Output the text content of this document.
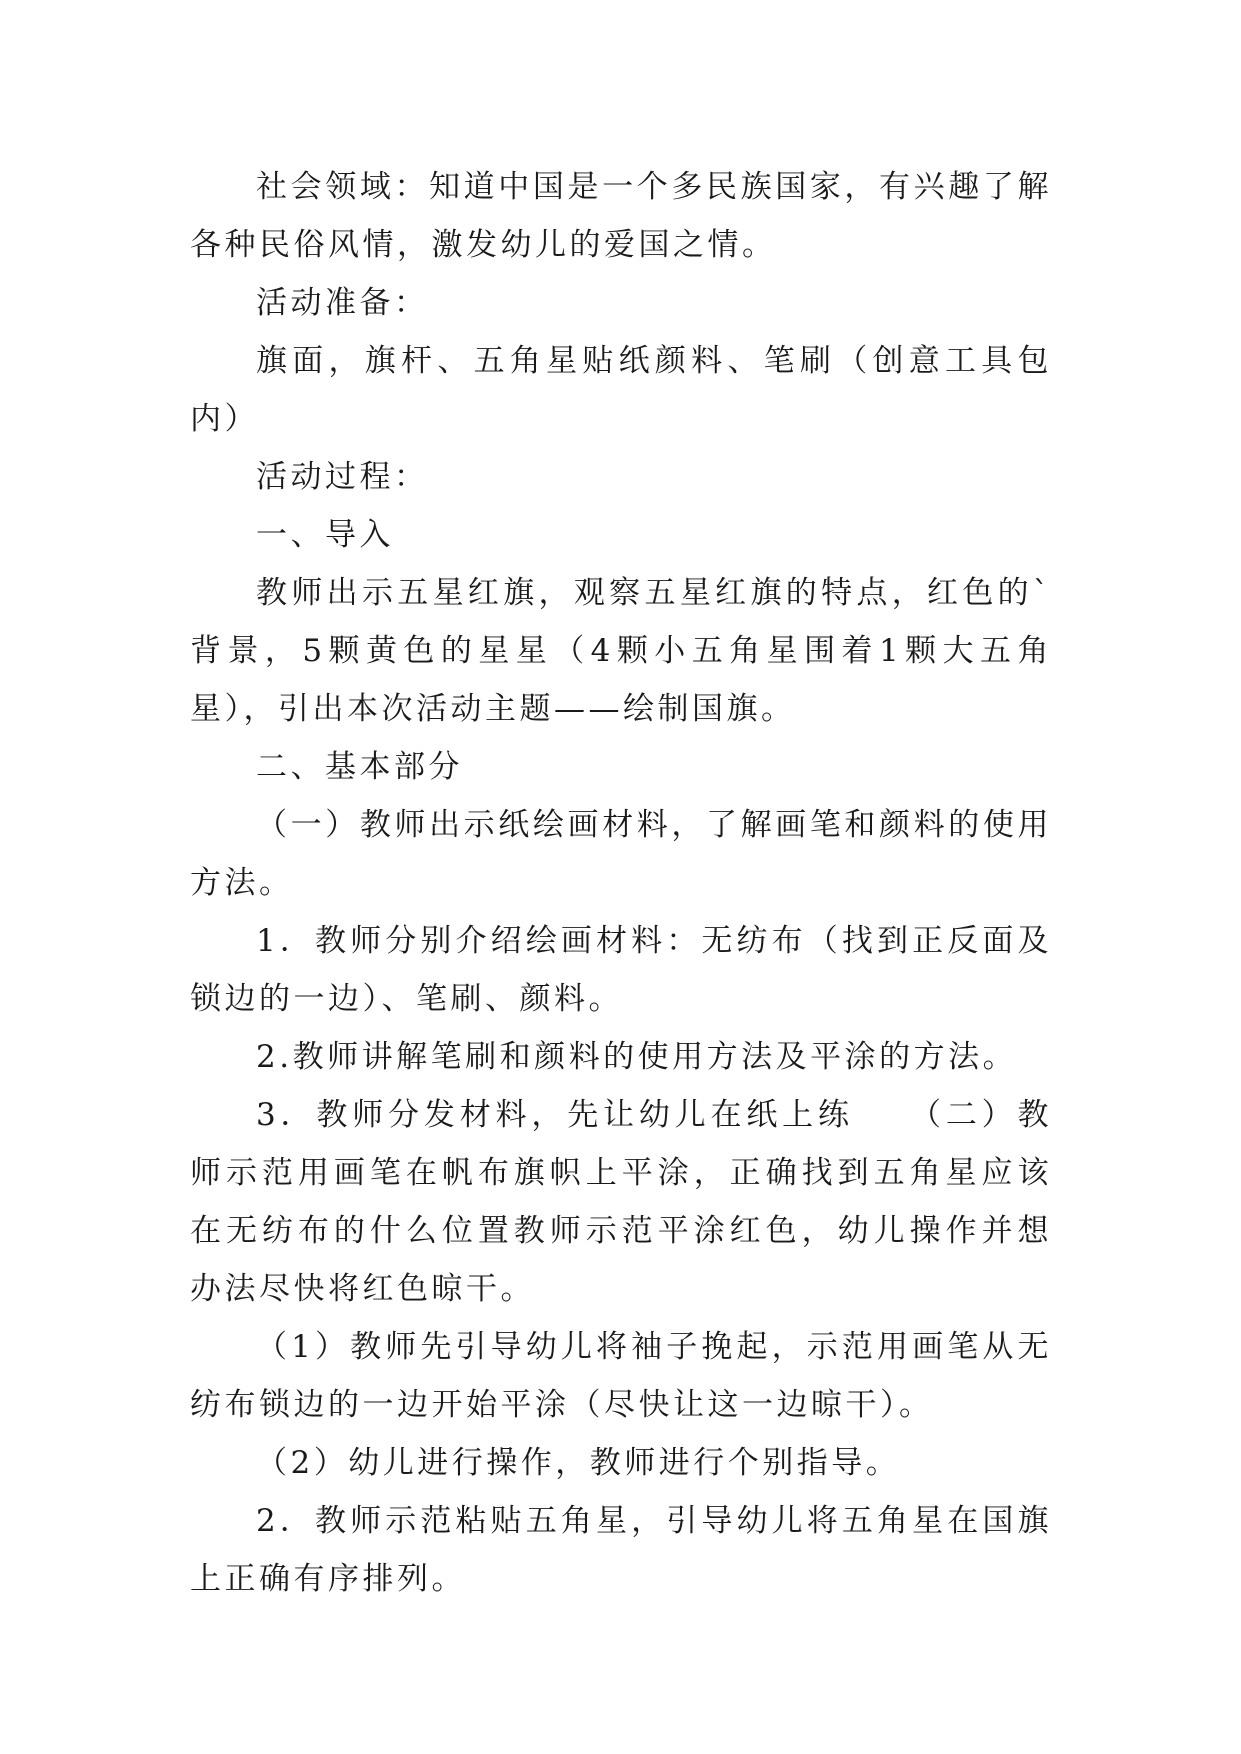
社会领域：知道中国是一个多民族国家，有兴趣了解各种民俗风情，激发幼儿的爱国之情。

活动准备：

旗面，旗杆、五角星贴纸颜料、笔刷（创意工具包内）

活动过程：

一、导入

教师出示五星红旗，观察五星红旗的特点，红色的`背景，5颗黄色的星星（4颗小五角星围着1颗大五角星），引出本次活动主题——绘制国旗。

二、基本部分

（一）教师出示纸绘画材料，了解画笔和颜料的使用方法。

1．教师分别介绍绘画材料：无纺布（找到正反面及锁边的一边）、笔刷、颜料。

2.教师讲解笔刷和颜料的使用方法及平涂的方法。

3．教师分发材料，先让幼儿在纸上练　　（二）教师示范用画笔在帆布旗帜上平涂，正确找到五角星应该在无纺布的什么位置教师示范平涂红色，幼儿操作并想办法尽快将红色晾干。

（1）教师先引导幼儿将袖子挽起，示范用画笔从无纺布锁边的一边开始平涂（尽快让这一边晾干）。

（2）幼儿进行操作，教师进行个别指导。

2．教师示范粘贴五角星，引导幼儿将五角星在国旗上正确有序排列。
